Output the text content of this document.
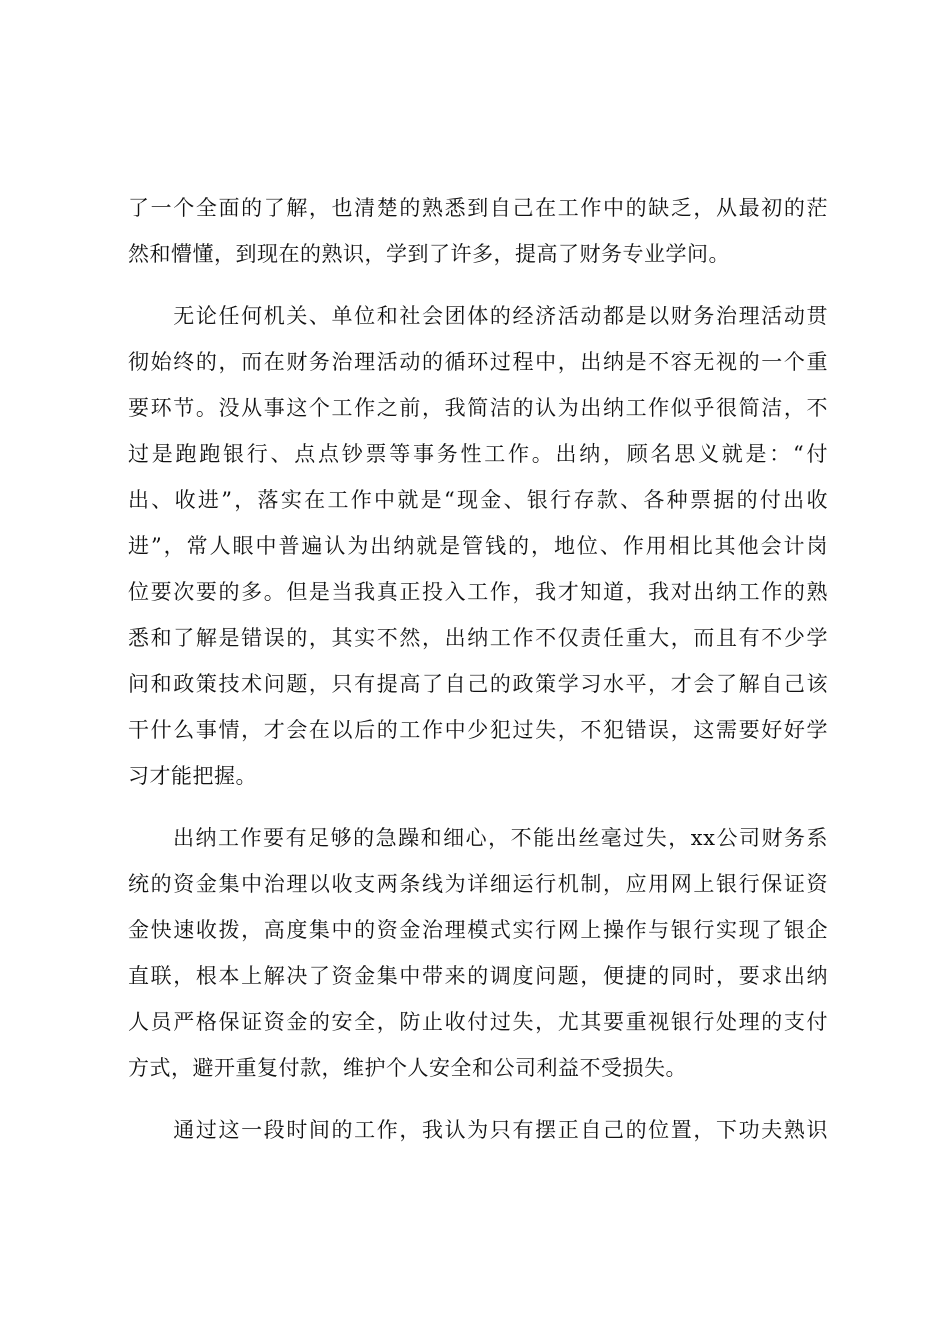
了一个全面的了解，也清楚的熟悉到自己在工作中的缺乏，从最初的茫
然和懵懂，到现在的熟识，学到了许多，提高了财务专业学问。
　　无论任何机关、单位和社会团体的经济活动都是以财务治理活动贯
彻始终的，而在财务治理活动的循环过程中，出纳是不容无视的一个重
要环节。没从事这个工作之前，我简洁的认为出纳工作似乎很简洁，不
过是跑跑银行、点点钞票等事务性工作。出纳，顾名思义就是：“付
出、收进”，落实在工作中就是“现金、银行存款、各种票据的付出收
进”，常人眼中普遍认为出纳就是管钱的，地位、作用相比其他会计岗
位要次要的多。但是当我真正投入工作，我才知道，我对出纳工作的熟
悉和了解是错误的，其实不然，出纳工作不仅责任重大，而且有不少学
问和政策技术问题，只有提高了自己的政策学习水平，才会了解自己该
干什么事情，才会在以后的工作中少犯过失，不犯错误，这需要好好学
习才能把握。
　　出纳工作要有足够的急躁和细心，不能出丝毫过失，xx公司财务系
统的资金集中治理以收支两条线为详细运行机制，应用网上银行保证资
金快速收拨，高度集中的资金治理模式实行网上操作与银行实现了银企
直联，根本上解决了资金集中带来的调度问题，便捷的同时，要求出纳
人员严格保证资金的安全，防止收付过失，尤其要重视银行处理的支付
方式，避开重复付款，维护个人安全和公司利益不受损失。
　　通过这一段时间的工作，我认为只有摆正自己的位置，下功夫熟识
